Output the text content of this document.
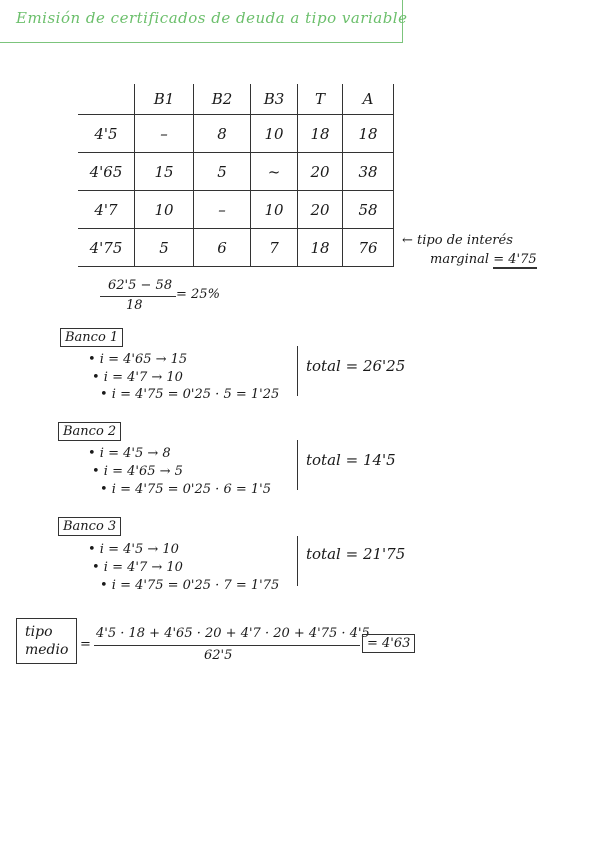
Emisión de certificados de deuda a tipo variable
	B1	B2	B3	T	A
4'5	–	8	10	18	18
4'65	15	5	~	20	38
4'7	10	–	10	20	58
4'75	5	6	7	18	76 ← tipo de interés
marginal = 4'75
62'5 − 58
18
= 25%
Banco 1
• i = 4'65 → 15
• i = 4'7 → 10
• i = 4'75 = 0'25 · 5 = 1'25
total = 26'25
Banco 2
• i = 4'5 → 8
• i = 4'65 → 5
• i = 4'75 = 0'25 · 6 = 1'5
total = 14'5
Banco 3
• i = 4'5 → 10
• i = 4'7 → 10
• i = 4'75 = 0'25 · 7 = 1'75
total = 21'75
tipo
medio =
4'5 · 18 + 4'65 · 20 + 4'7 · 20 + 4'75 · 4'5
62'5
= 4'63
